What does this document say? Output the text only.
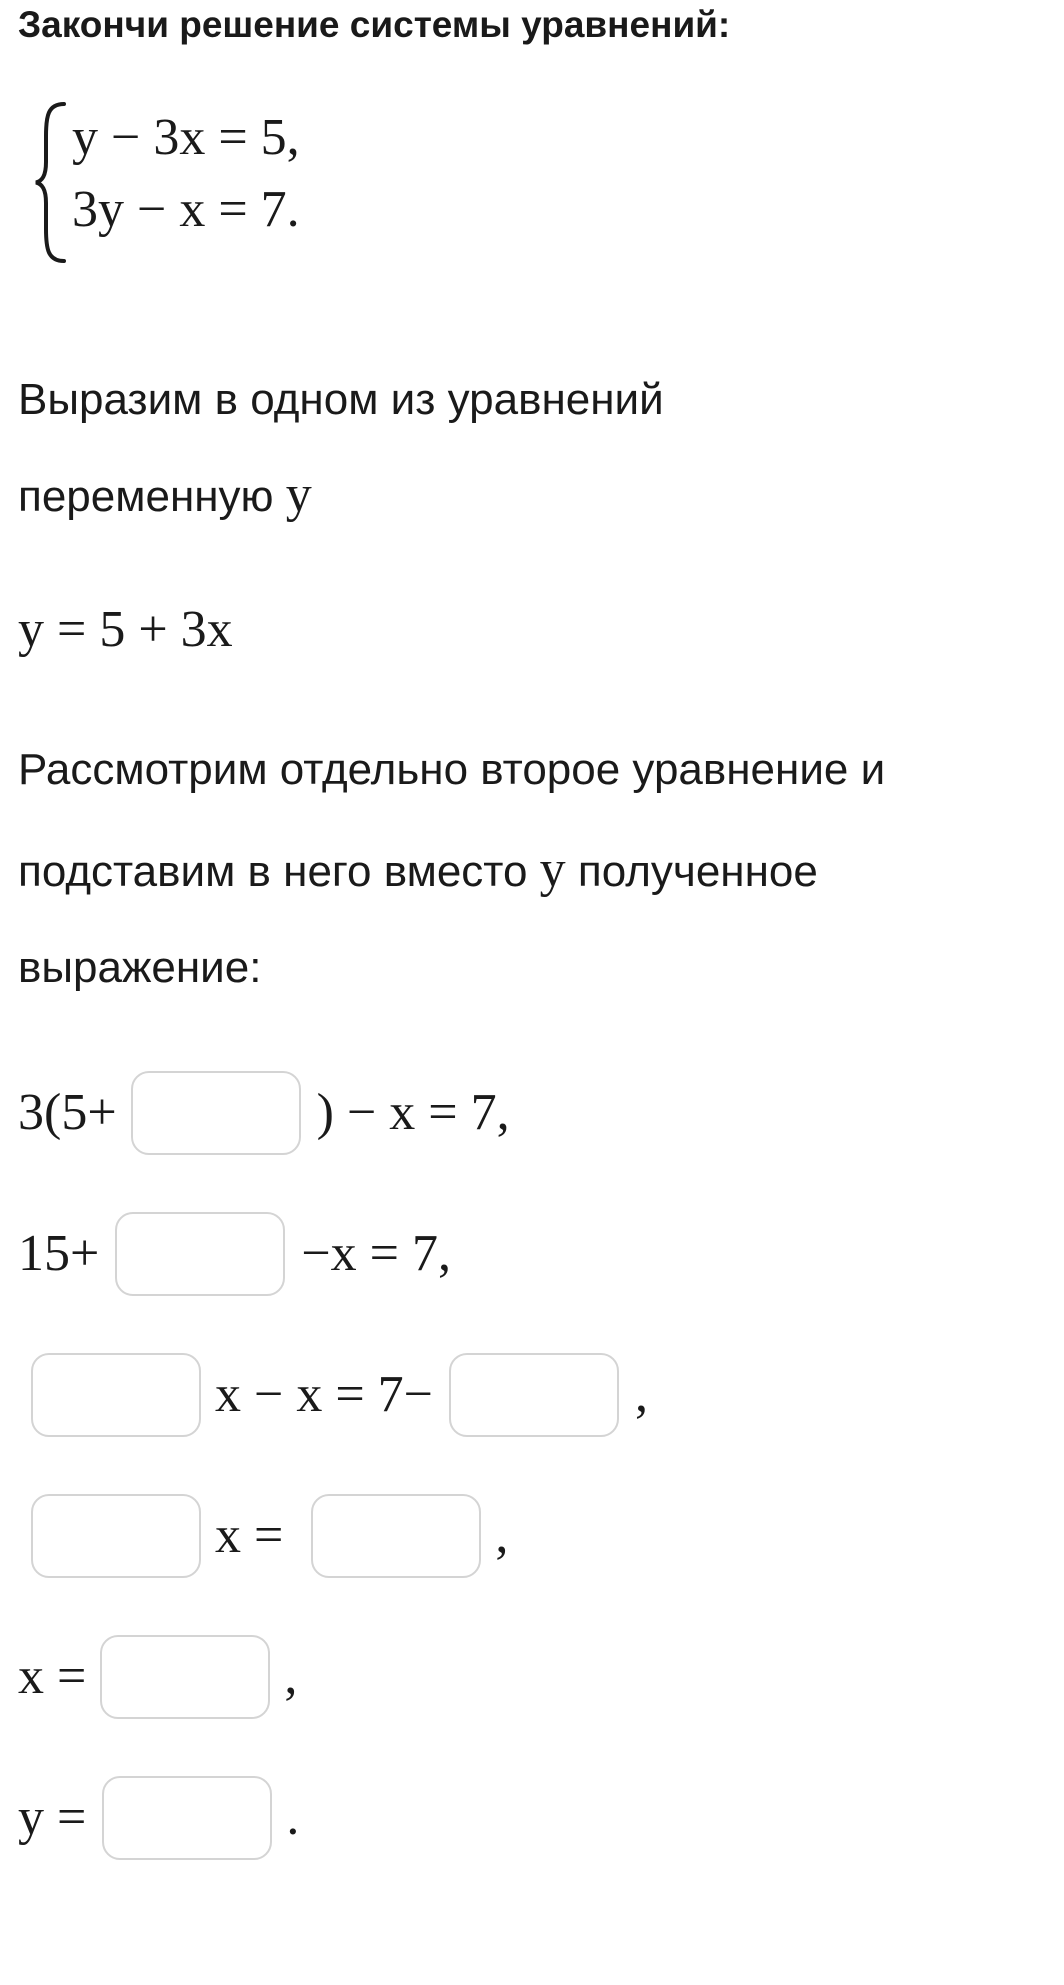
Закончи решение системы уравнений:
y − 3x = 5,
3y − x = 7.

Выразим в одном из уравнений

переменную y

y = 5 + 3x

Рассмотрим отдельно второе уравнение и

подставим в него вместо y полученное

выражение:

3(5+	) − x = 7,
15+	−x = 7,
x − x = 7−	,
x =	,
x =	,
y =	.
